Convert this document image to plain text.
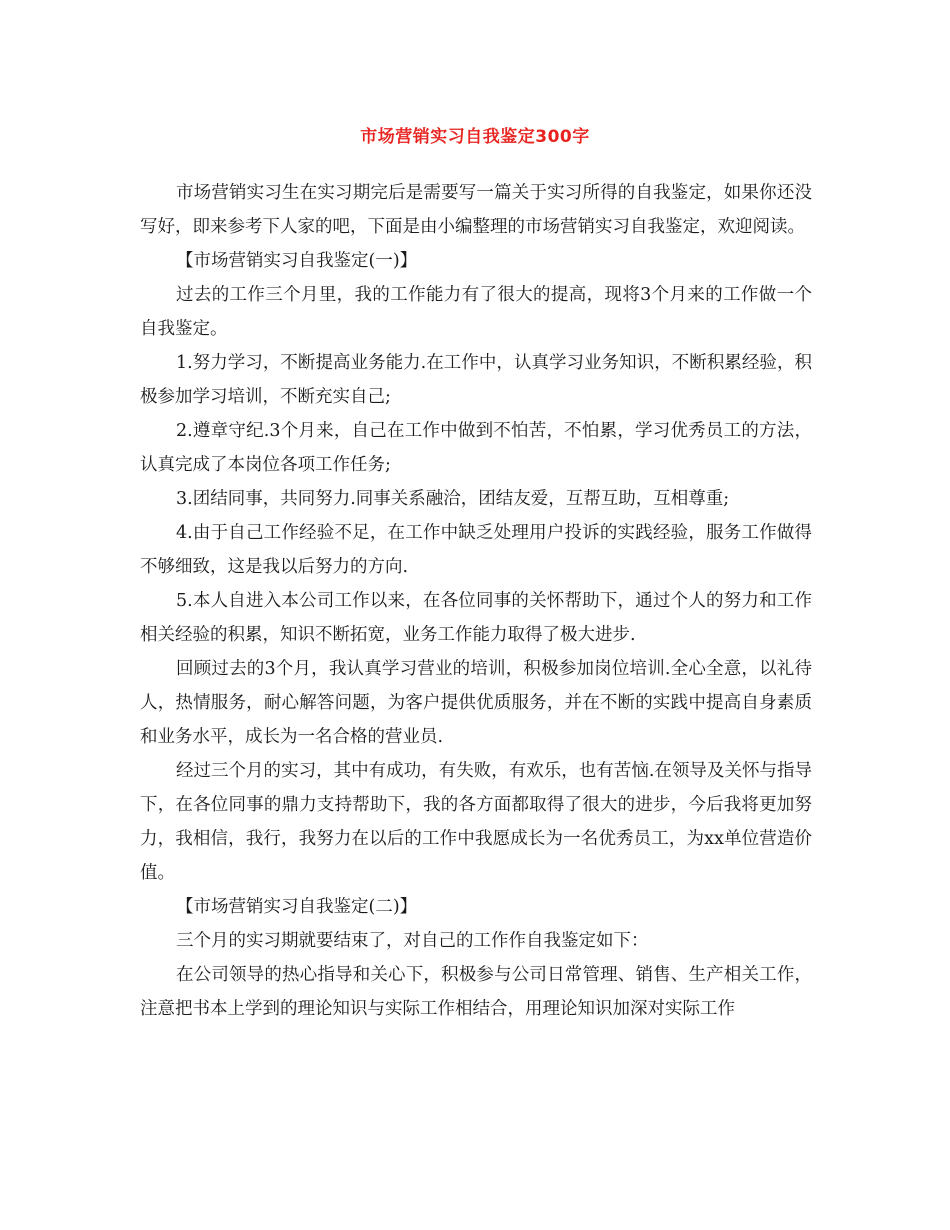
市场营销实习自我鉴定300字

市场营销实习生在实习期完后是需要写一篇关于实习所得的自我鉴定，如果你还没写好，即来参考下人家的吧，下面是由小编整理的市场营销实习自我鉴定，欢迎阅读。

【市场营销实习自我鉴定(一)】

过去的工作三个月里，我的工作能力有了很大的提高，现将3个月来的工作做一个自我鉴定。

1.努力学习，不断提高业务能力.在工作中，认真学习业务知识，不断积累经验，积极参加学习培训，不断充实自己;

2.遵章守纪.3个月来，自己在工作中做到不怕苦，不怕累，学习优秀员工的方法，认真完成了本岗位各项工作任务;

3.团结同事，共同努力.同事关系融洽，团结友爱，互帮互助，互相尊重;

4.由于自己工作经验不足，在工作中缺乏处理用户投诉的实践经验，服务工作做得不够细致，这是我以后努力的方向.

5.本人自进入本公司工作以来，在各位同事的关怀帮助下，通过个人的努力和工作相关经验的积累，知识不断拓宽，业务工作能力取得了极大进步.

回顾过去的3个月，我认真学习营业的培训，积极参加岗位培训.全心全意，以礼待人，热情服务，耐心解答问题，为客户提供优质服务，并在不断的实践中提高自身素质和业务水平，成长为一名合格的营业员.

经过三个月的实习，其中有成功，有失败，有欢乐，也有苦恼.在领导及关怀与指导下，在各位同事的鼎力支持帮助下，我的各方面都取得了很大的进步，今后我将更加努力，我相信，我行，我努力在以后的工作中我愿成长为一名优秀员工，为xx单位营造价值。

【市场营销实习自我鉴定(二)】

三个月的实习期就要结束了，对自己的工作作自我鉴定如下：

在公司领导的热心指导和关心下，积极参与公司日常管理、销售、生产相关工作，注意把书本上学到的理论知识与实际工作相结合，用理论知识加深对实际工作
